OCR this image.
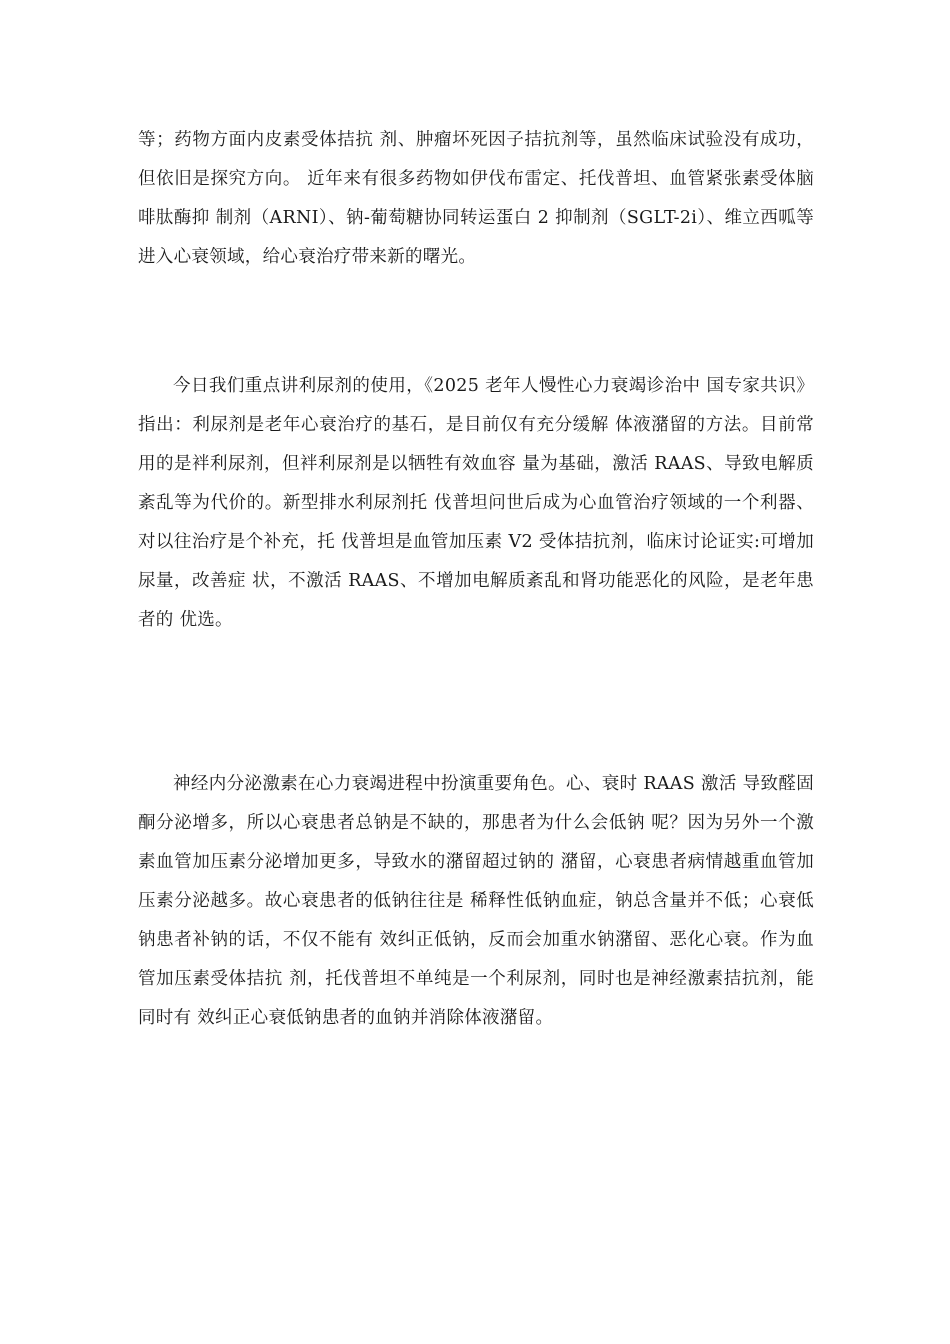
等；药物方面内皮素受体拮抗 剂、肿瘤坏死因子拮抗剂等，虽然临床试验没有成功，但依旧是探究方向。 近年来有很多药物如伊伐布雷定、托伐普坦、血管紧张素受体脑啡肽酶抑 制剂（ARNI）、钠-葡萄糖协同转运蛋白 2 抑制剂（SGLT-2i）、维立西呱等 进入心衰领域，给心衰治疗带来新的曙光。

今日我们重点讲利尿剂的使用，《2025 老年人慢性心力衰竭诊治中 国专家共识》指出：利尿剂是老年心衰治疗的基石，是目前仅有充分缓解 体液潴留的方法。目前常用的是袢利尿剂，但袢利尿剂是以牺牲有效血容 量为基础，激活 RAAS、导致电解质紊乱等为代价的。新型排水利尿剂托 伐普坦问世后成为心血管治疗领域的一个利器、对以往治疗是个补充，托 伐普坦是血管加压素 V2 受体拮抗剂，临床讨论证实:可增加尿量，改善症 状，不激活 RAAS、不增加电解质紊乱和肾功能恶化的风险，是老年患者的 优选。

神经内分泌激素在心力衰竭进程中扮演重要角色。心、衰时 RAAS 激活 导致醛固酮分泌增多，所以心衰患者总钠是不缺的，那患者为什么会低钠 呢？因为另外一个激素血管加压素分泌增加更多，导致水的潴留超过钠的 潴留，心衰患者病情越重血管加压素分泌越多。故心衰患者的低钠往往是 稀释性低钠血症，钠总含量并不低；心衰低钠患者补钠的话，不仅不能有 效纠正低钠，反而会加重水钠潴留、恶化心衰。作为血管加压素受体拮抗 剂，托伐普坦不单纯是一个利尿剂，同时也是神经激素拮抗剂，能同时有 效纠正心衰低钠患者的血钠并消除体液潴留。
